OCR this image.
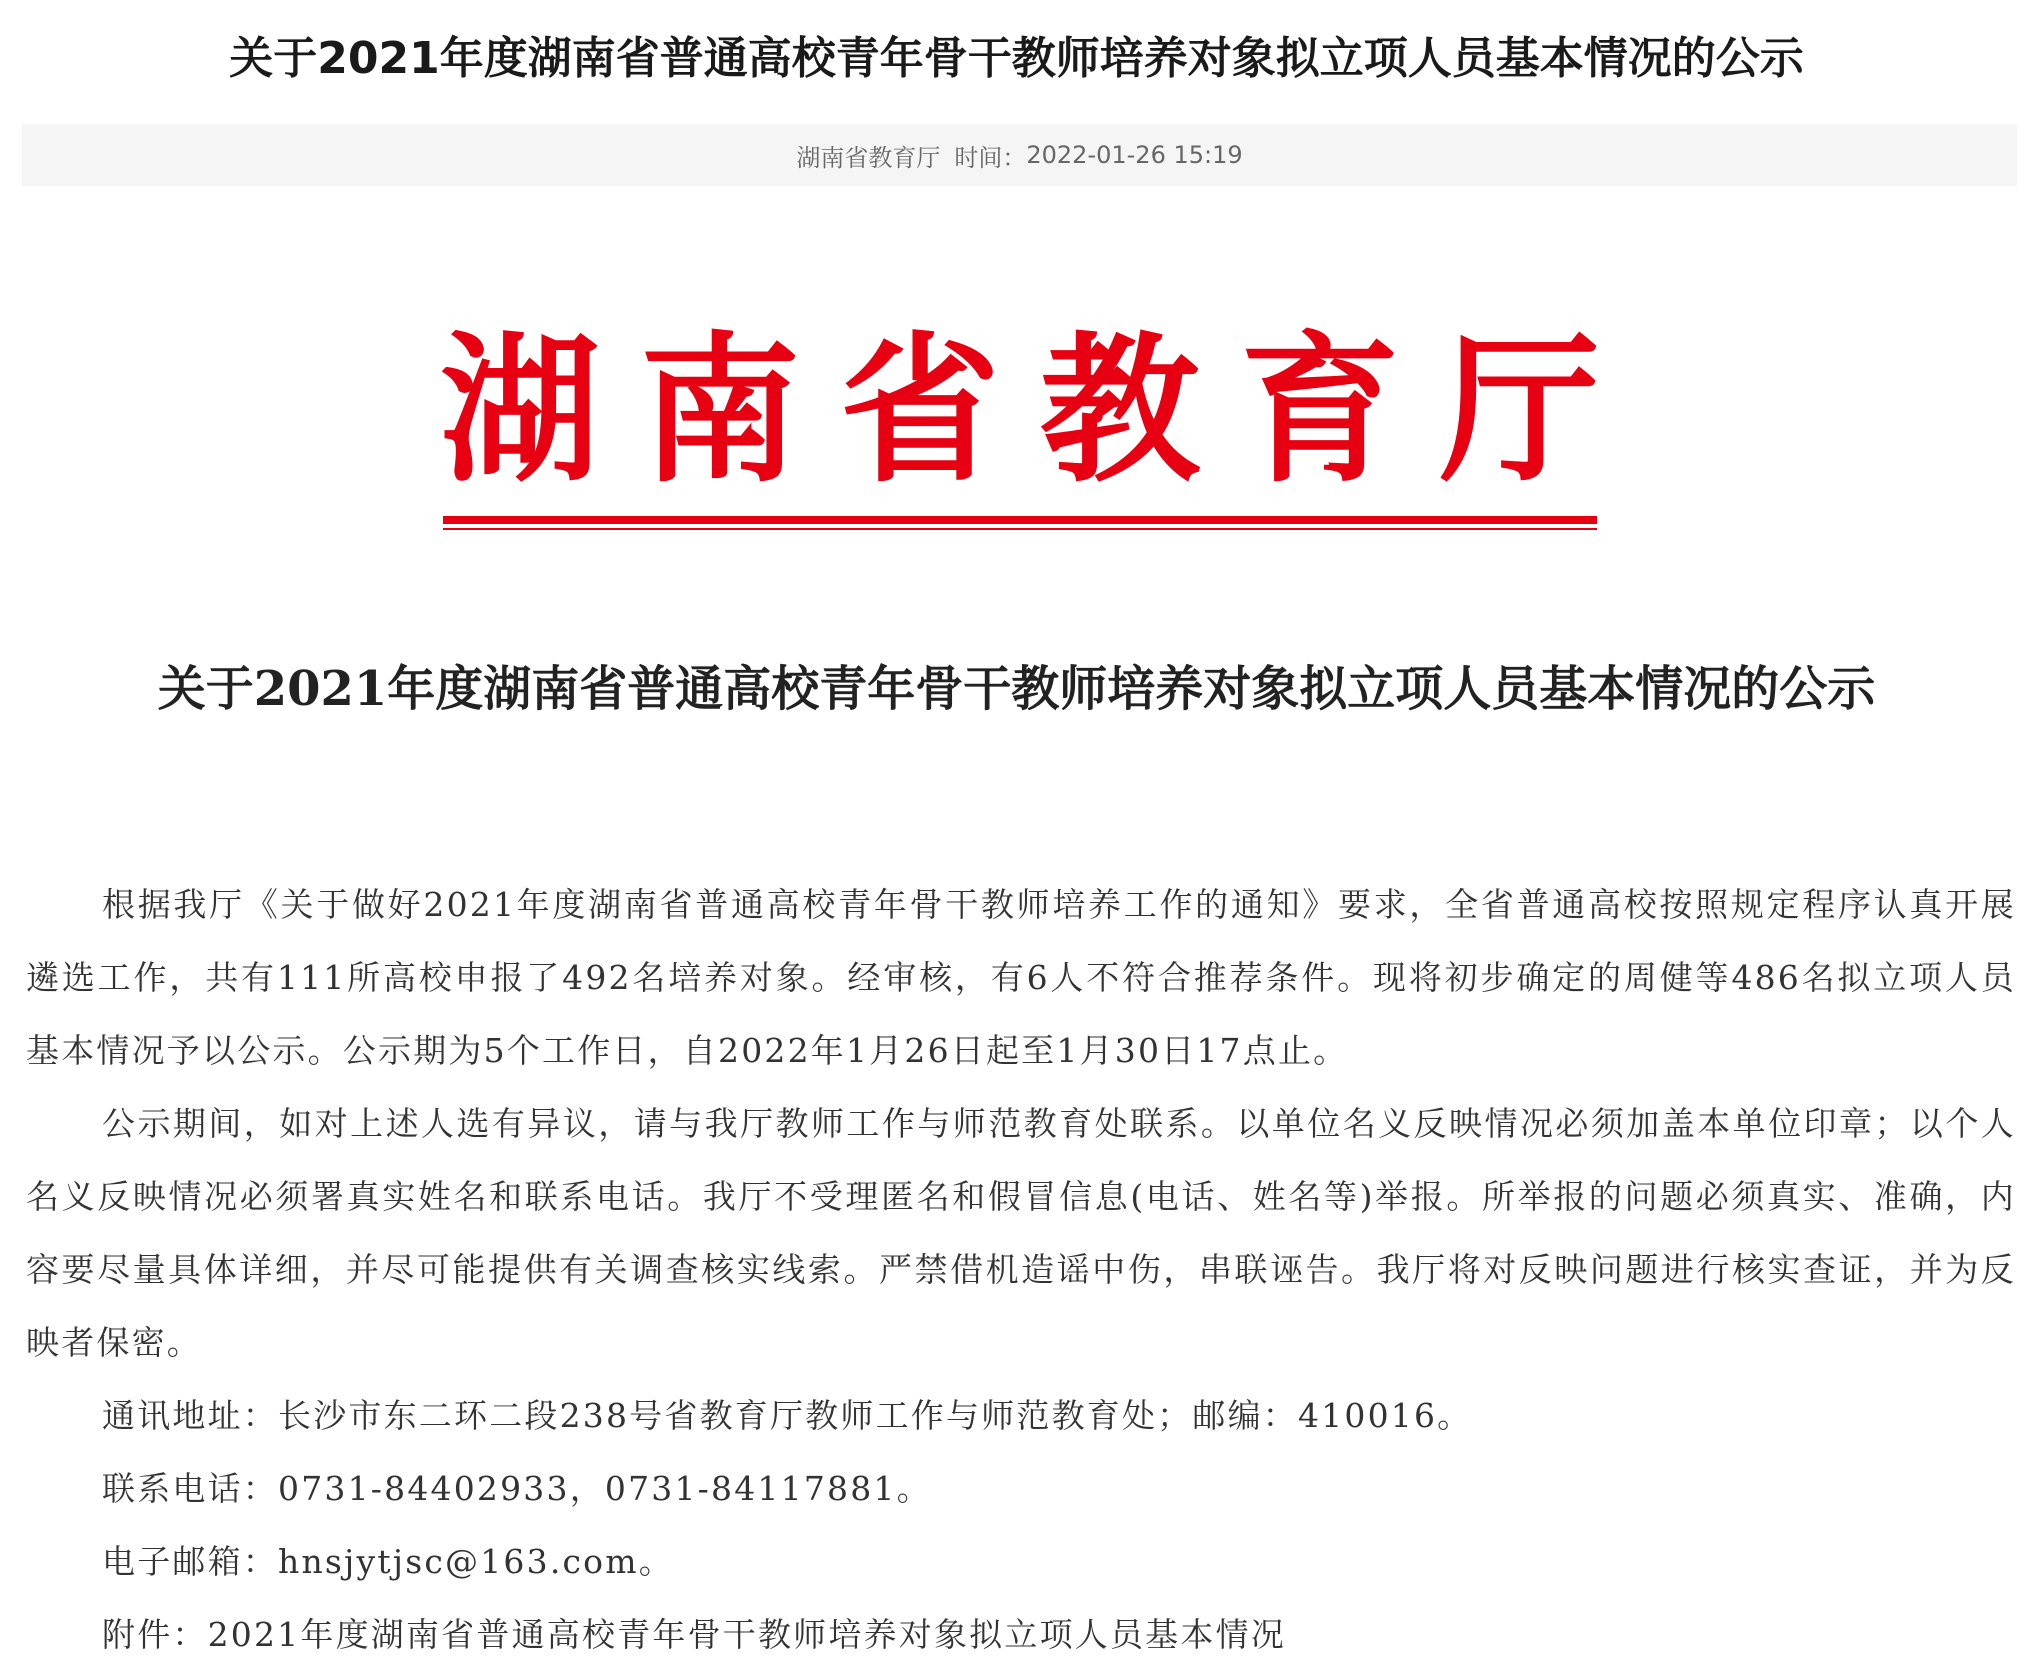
关于2021年度湖南省普通高校青年骨干教师培养对象拟立项人员基本情况的公示
湖南省教育厅 时间： 2022-01-26 15:19
湖 南 省 教 育 厅
关于2021年度湖南省普通高校青年骨干教师培养对象拟立项人员基本情况的公示

根据我厅《关于做好2021年度湖南省普通高校青年骨干教师培养工作的通知》要求，全省普通高校按照规定程序认真开展遴选工作，共有111所高校申报了492名培养对象。经审核，有6人不符合推荐条件。现将初步确定的周健等486名拟立项人员基本情况予以公示。公示期为5个工作日，自2022年1月26日起至1月30日17点止。

公示期间，如对上述人选有异议，请与我厅教师工作与师范教育处联系。以单位名义反映情况必须加盖本单位印章；以个人名义反映情况必须署真实姓名和联系电话。我厅不受理匿名和假冒信息(电话、姓名等)举报。所举报的问题必须真实、准确，内容要尽量具体详细，并尽可能提供有关调查核实线索。严禁借机造谣中伤，串联诬告。我厅将对反映问题进行核实查证，并为反映者保密。

通讯地址：长沙市东二环二段238号省教育厅教师工作与师范教育处；邮编：410016。

联系电话：0731-84402933，0731-84117881。

电子邮箱：hnsjytjsc@163.com。

附件：2021年度湖南省普通高校青年骨干教师培养对象拟立项人员基本情况
